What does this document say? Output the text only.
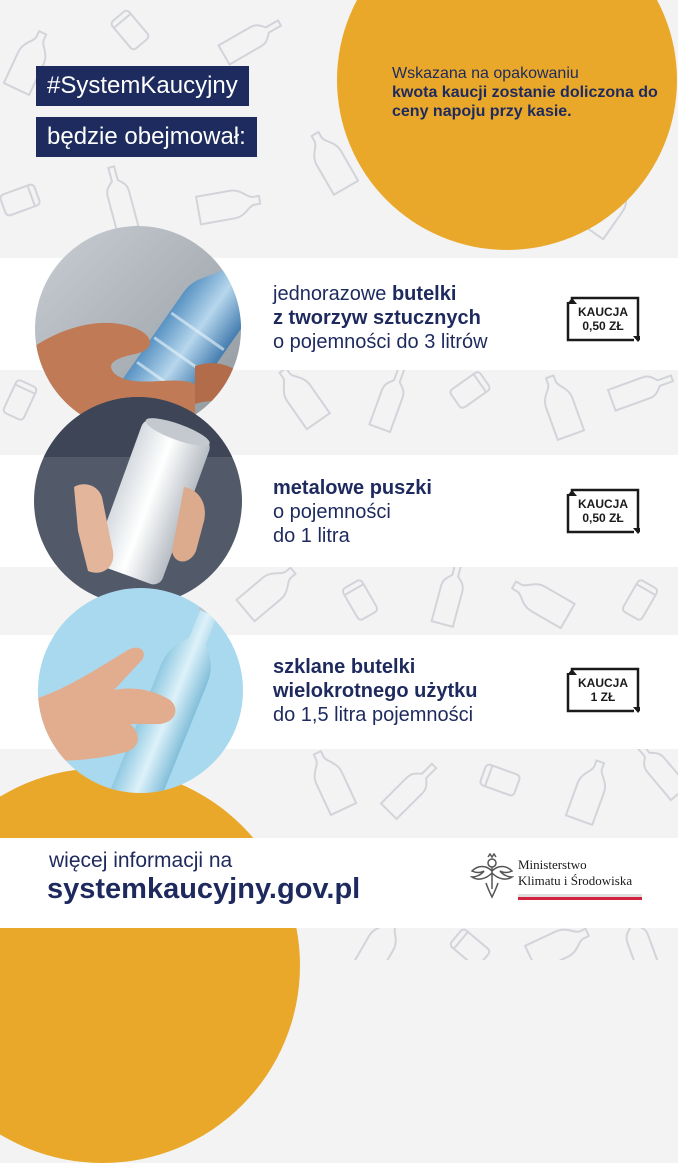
Wskazana na opakowaniu
kwota kaucji zostanie doliczona do ceny napoju przy kasie.
#SystemKaucyjny
będzie obejmował:
jednorazowe butelki
z tworzyw sztucznych
o pojemności do 3 litrów
KAUCJA
0,50 ZŁ
metalowe puszki
o pojemności
do 1 litra
KAUCJA
0,50 ZŁ
szklane butelki
wielokrotnego użytku
do 1,5 litra pojemności
KAUCJA
1 ZŁ
więcej informacji na
systemkaucyjny.gov.pl
Ministerstwo
Klimatu i Środowiska
